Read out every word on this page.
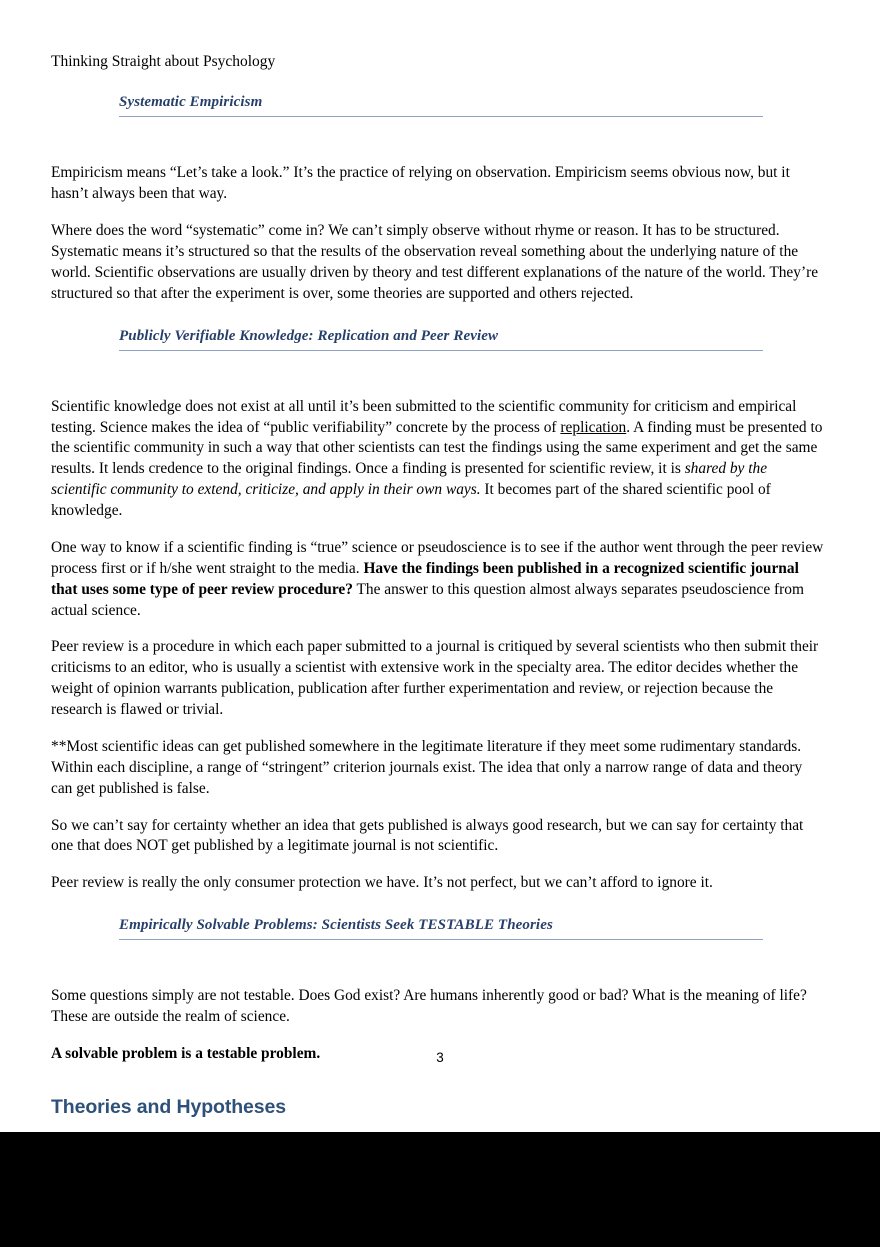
Thinking Straight about Psychology
Systematic Empiricism

Empiricism means “Let’s take a look.” It’s the practice of relying on observation. Empiricism seems obvious now, but it hasn’t always been that way.

Where does the word “systematic” come in? We can’t simply observe without rhyme or reason. It has to be structured. Systematic means it’s structured so that the results of the observation reveal something about the underlying nature of the world. Scientific observations are usually driven by theory and test different explanations of the nature of the world. They’re structured so that after the experiment is over, some theories are supported and others rejected.

Publicly Verifiable Knowledge: Replication and Peer Review

Scientific knowledge does not exist at all until it’s been submitted to the scientific community for criticism and empirical testing. Science makes the idea of “public verifiability” concrete by the process of replication. A finding must be presented to the scientific community in such a way that other scientists can test the findings using the same experiment and get the same results. It lends credence to the original findings. Once a finding is presented for scientific review, it is shared by the scientific community to extend, criticize, and apply in their own ways. It becomes part of the shared scientific pool of knowledge.

One way to know if a scientific finding is “true” science or pseudoscience is to see if the author went through the peer review process first or if h/she went straight to the media. Have the findings been published in a recognized scientific journal that uses some type of peer review procedure? The answer to this question almost always separates pseudoscience from actual science.

Peer review is a procedure in which each paper submitted to a journal is critiqued by several scientists who then submit their criticisms to an editor, who is usually a scientist with extensive work in the specialty area. The editor decides whether the weight of opinion warrants publication, publication after further experimentation and review, or rejection because the research is flawed or trivial.

**Most scientific ideas can get published somewhere in the legitimate literature if they meet some rudimentary standards. Within each discipline, a range of “stringent” criterion journals exist. The idea that only a narrow range of data and theory can get published is false.

So we can’t say for certainty whether an idea that gets published is always good research, but we can say for certainty that one that does NOT get published by a legitimate journal is not scientific.

Peer review is really the only consumer protection we have. It’s not perfect, but we can’t afford to ignore it.

Empirically Solvable Problems: Scientists Seek TESTABLE Theories

Some questions simply are not testable. Does God exist? Are humans inherently good or bad? What is the meaning of life? These are outside the realm of science.

A solvable problem is a testable problem.

Theories and Hypotheses

3
